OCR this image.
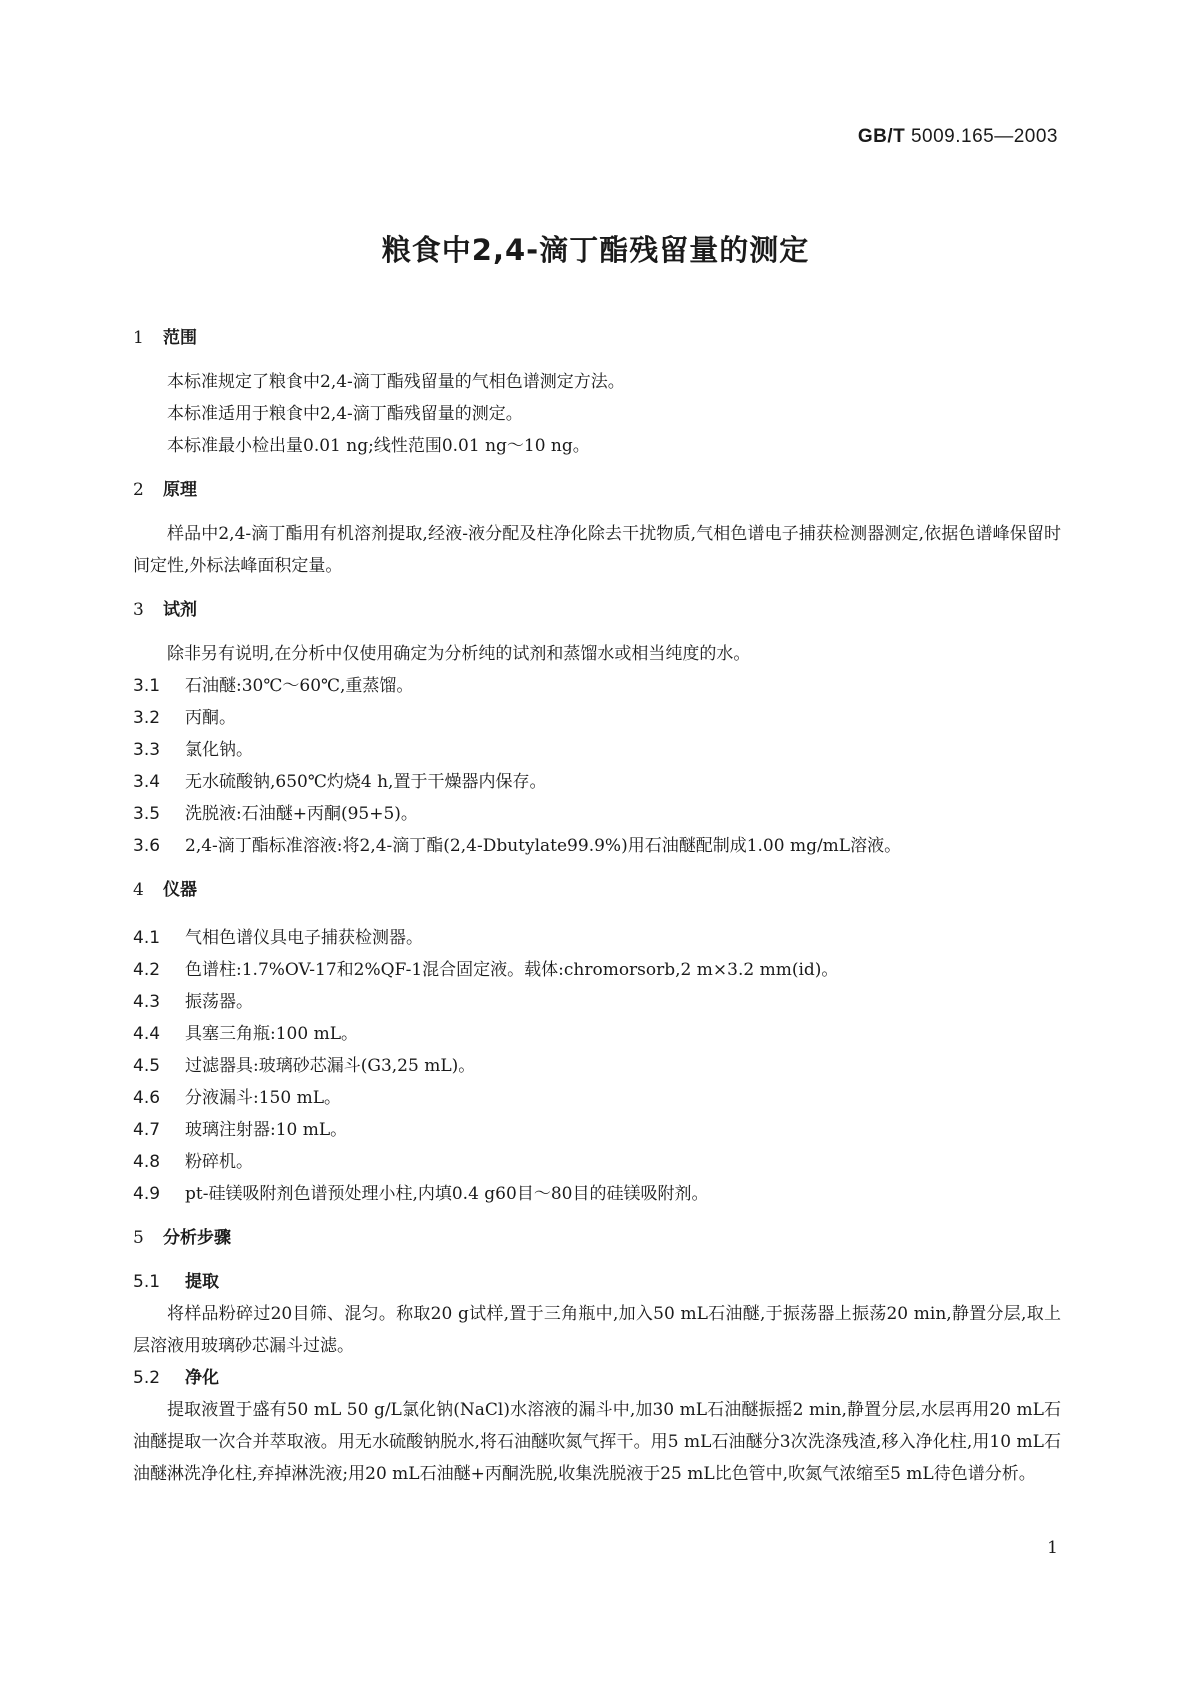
GB/T 5009.165—2003
粮食中2,4-滴丁酯残留量的测定
1 范围
本标准规定了粮食中2,4-滴丁酯残留量的气相色谱测定方法。
本标准适用于粮食中2,4-滴丁酯残留量的测定。
本标准最小检出量0.01 ng;线性范围0.01 ng～10 ng。
2 原理
样品中2,4-滴丁酯用有机溶剂提取,经液-液分配及柱净化除去干扰物质,气相色谱电子捕获检测器测定,依据色谱峰保留时间定性,外标法峰面积定量。
3 试剂
除非另有说明,在分析中仅使用确定为分析纯的试剂和蒸馏水或相当纯度的水。
3.1 石油醚:30℃～60℃,重蒸馏。
3.2 丙酮。
3.3 氯化钠。
3.4 无水硫酸钠,650℃灼烧4 h,置于干燥器内保存。
3.5 洗脱液:石油醚+丙酮(95+5)。
3.6 2,4-滴丁酯标准溶液:将2,4-滴丁酯(2,4-Dbutylate99.9%)用石油醚配制成1.00 mg/mL溶液。
4 仪器
4.1 气相色谱仪具电子捕获检测器。
4.2 色谱柱:1.7%OV-17和2%QF-1混合固定液。载体:chromorsorb,2 m×3.2 mm(id)。
4.3 振荡器。
4.4 具塞三角瓶:100 mL。
4.5 过滤器具:玻璃砂芯漏斗(G3,25 mL)。
4.6 分液漏斗:150 mL。
4.7 玻璃注射器:10 mL。
4.8 粉碎机。
4.9 pt-硅镁吸附剂色谱预处理小柱,内填0.4 g60目～80目的硅镁吸附剂。
5 分析步骤
5.1 提取
将样品粉碎过20目筛、混匀。称取20 g试样,置于三角瓶中,加入50 mL石油醚,于振荡器上振荡20 min,静置分层,取上层溶液用玻璃砂芯漏斗过滤。
5.2 净化
提取液置于盛有50 mL 50 g/L氯化钠(NaCl)水溶液的漏斗中,加30 mL石油醚振摇2 min,静置分层,水层再用20 mL石油醚提取一次合并萃取液。用无水硫酸钠脱水,将石油醚吹氮气挥干。用5 mL石油醚分3次洗涤残渣,移入净化柱,用10 mL石油醚淋洗净化柱,弃掉淋洗液;用20 mL石油醚+丙酮洗脱,收集洗脱液于25 mL比色管中,吹氮气浓缩至5 mL待色谱分析。
1
